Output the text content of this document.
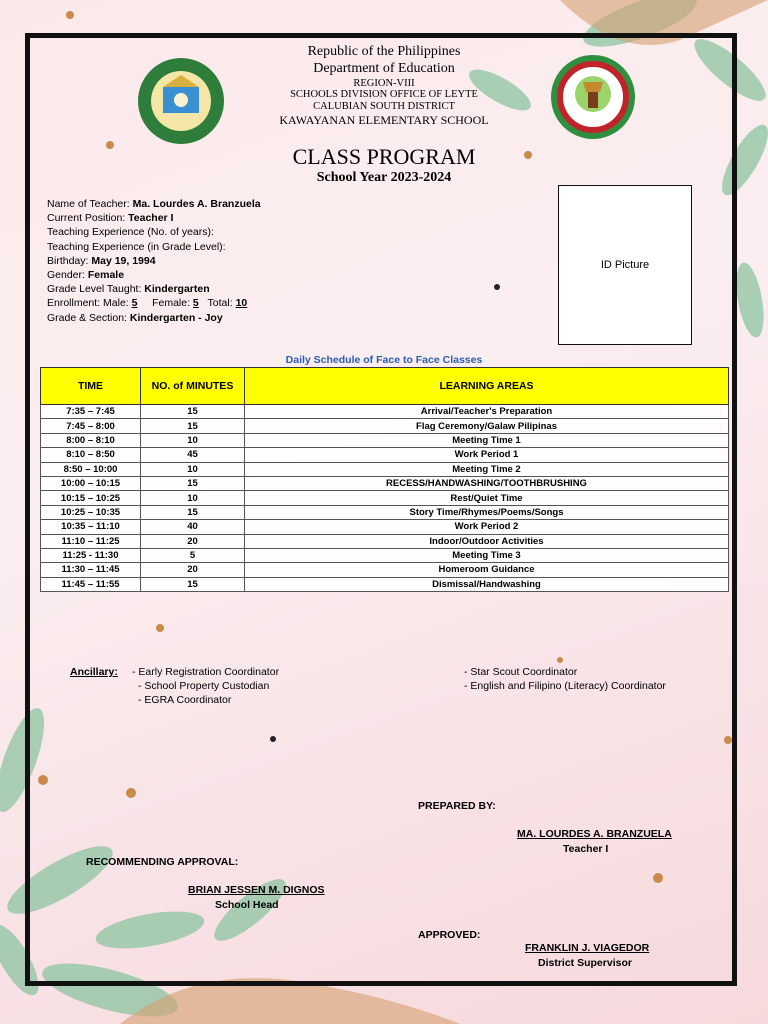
Republic of the Philippines
Department of Education
REGION-VIII
SCHOOLS DIVISION OFFICE OF LEYTE
CALUBIAN SOUTH DISTRICT
KAWAYANAN ELEMENTARY SCHOOL
CLASS PROGRAM
School Year 2023-2024
Name of Teacher: Ma. Lourdes A. Branzuela
Current Position: Teacher I
Teaching Experience (No. of years):
Teaching Experience (in Grade Level):
Birthday: May 19, 1994
Gender: Female
Grade Level Taught: Kindergarten
Enrollment: Male: 5 Female: 5 Total: 10
Grade & Section: Kindergarten - Joy
ID Picture
Daily Schedule of Face to Face Classes
TIME	NO. of MINUTES	LEARNING AREAS
7:35 – 7:45	15	Arrival/Teacher's Preparation
7:45 – 8:00	15	Flag Ceremony/Galaw Pilipinas
8:00 – 8:10	10	Meeting Time 1
8:10 – 8:50	45	Work Period 1
8:50 – 10:00	10	Meeting Time 2
10:00 – 10:15	15	RECESS/HANDWASHING/TOOTHBRUSHING
10:15 – 10:25	10	Rest/Quiet Time
10:25 – 10:35	15	Story Time/Rhymes/Poems/Songs
10:35 – 11:10	40	Work Period 2
11:10 – 11:25	20	Indoor/Outdoor Activities
11:25 - 11:30	5	Meeting Time 3
11:30 – 11:45	20	Homeroom Guidance
11:45 – 11:55	15	Dismissal/Handwashing
Ancillary: - Early Registration Coordinator
- School Property Custodian
- EGRA Coordinator
- Star Scout Coordinator
- English and Filipino (Literacy) Coordinator
PREPARED BY:
MA. LOURDES A. BRANZUELA
Teacher I
RECOMMENDING APPROVAL:
BRIAN JESSEN M. DIGNOS
School Head
APPROVED:
FRANKLIN J. VIAGEDOR
District Supervisor
